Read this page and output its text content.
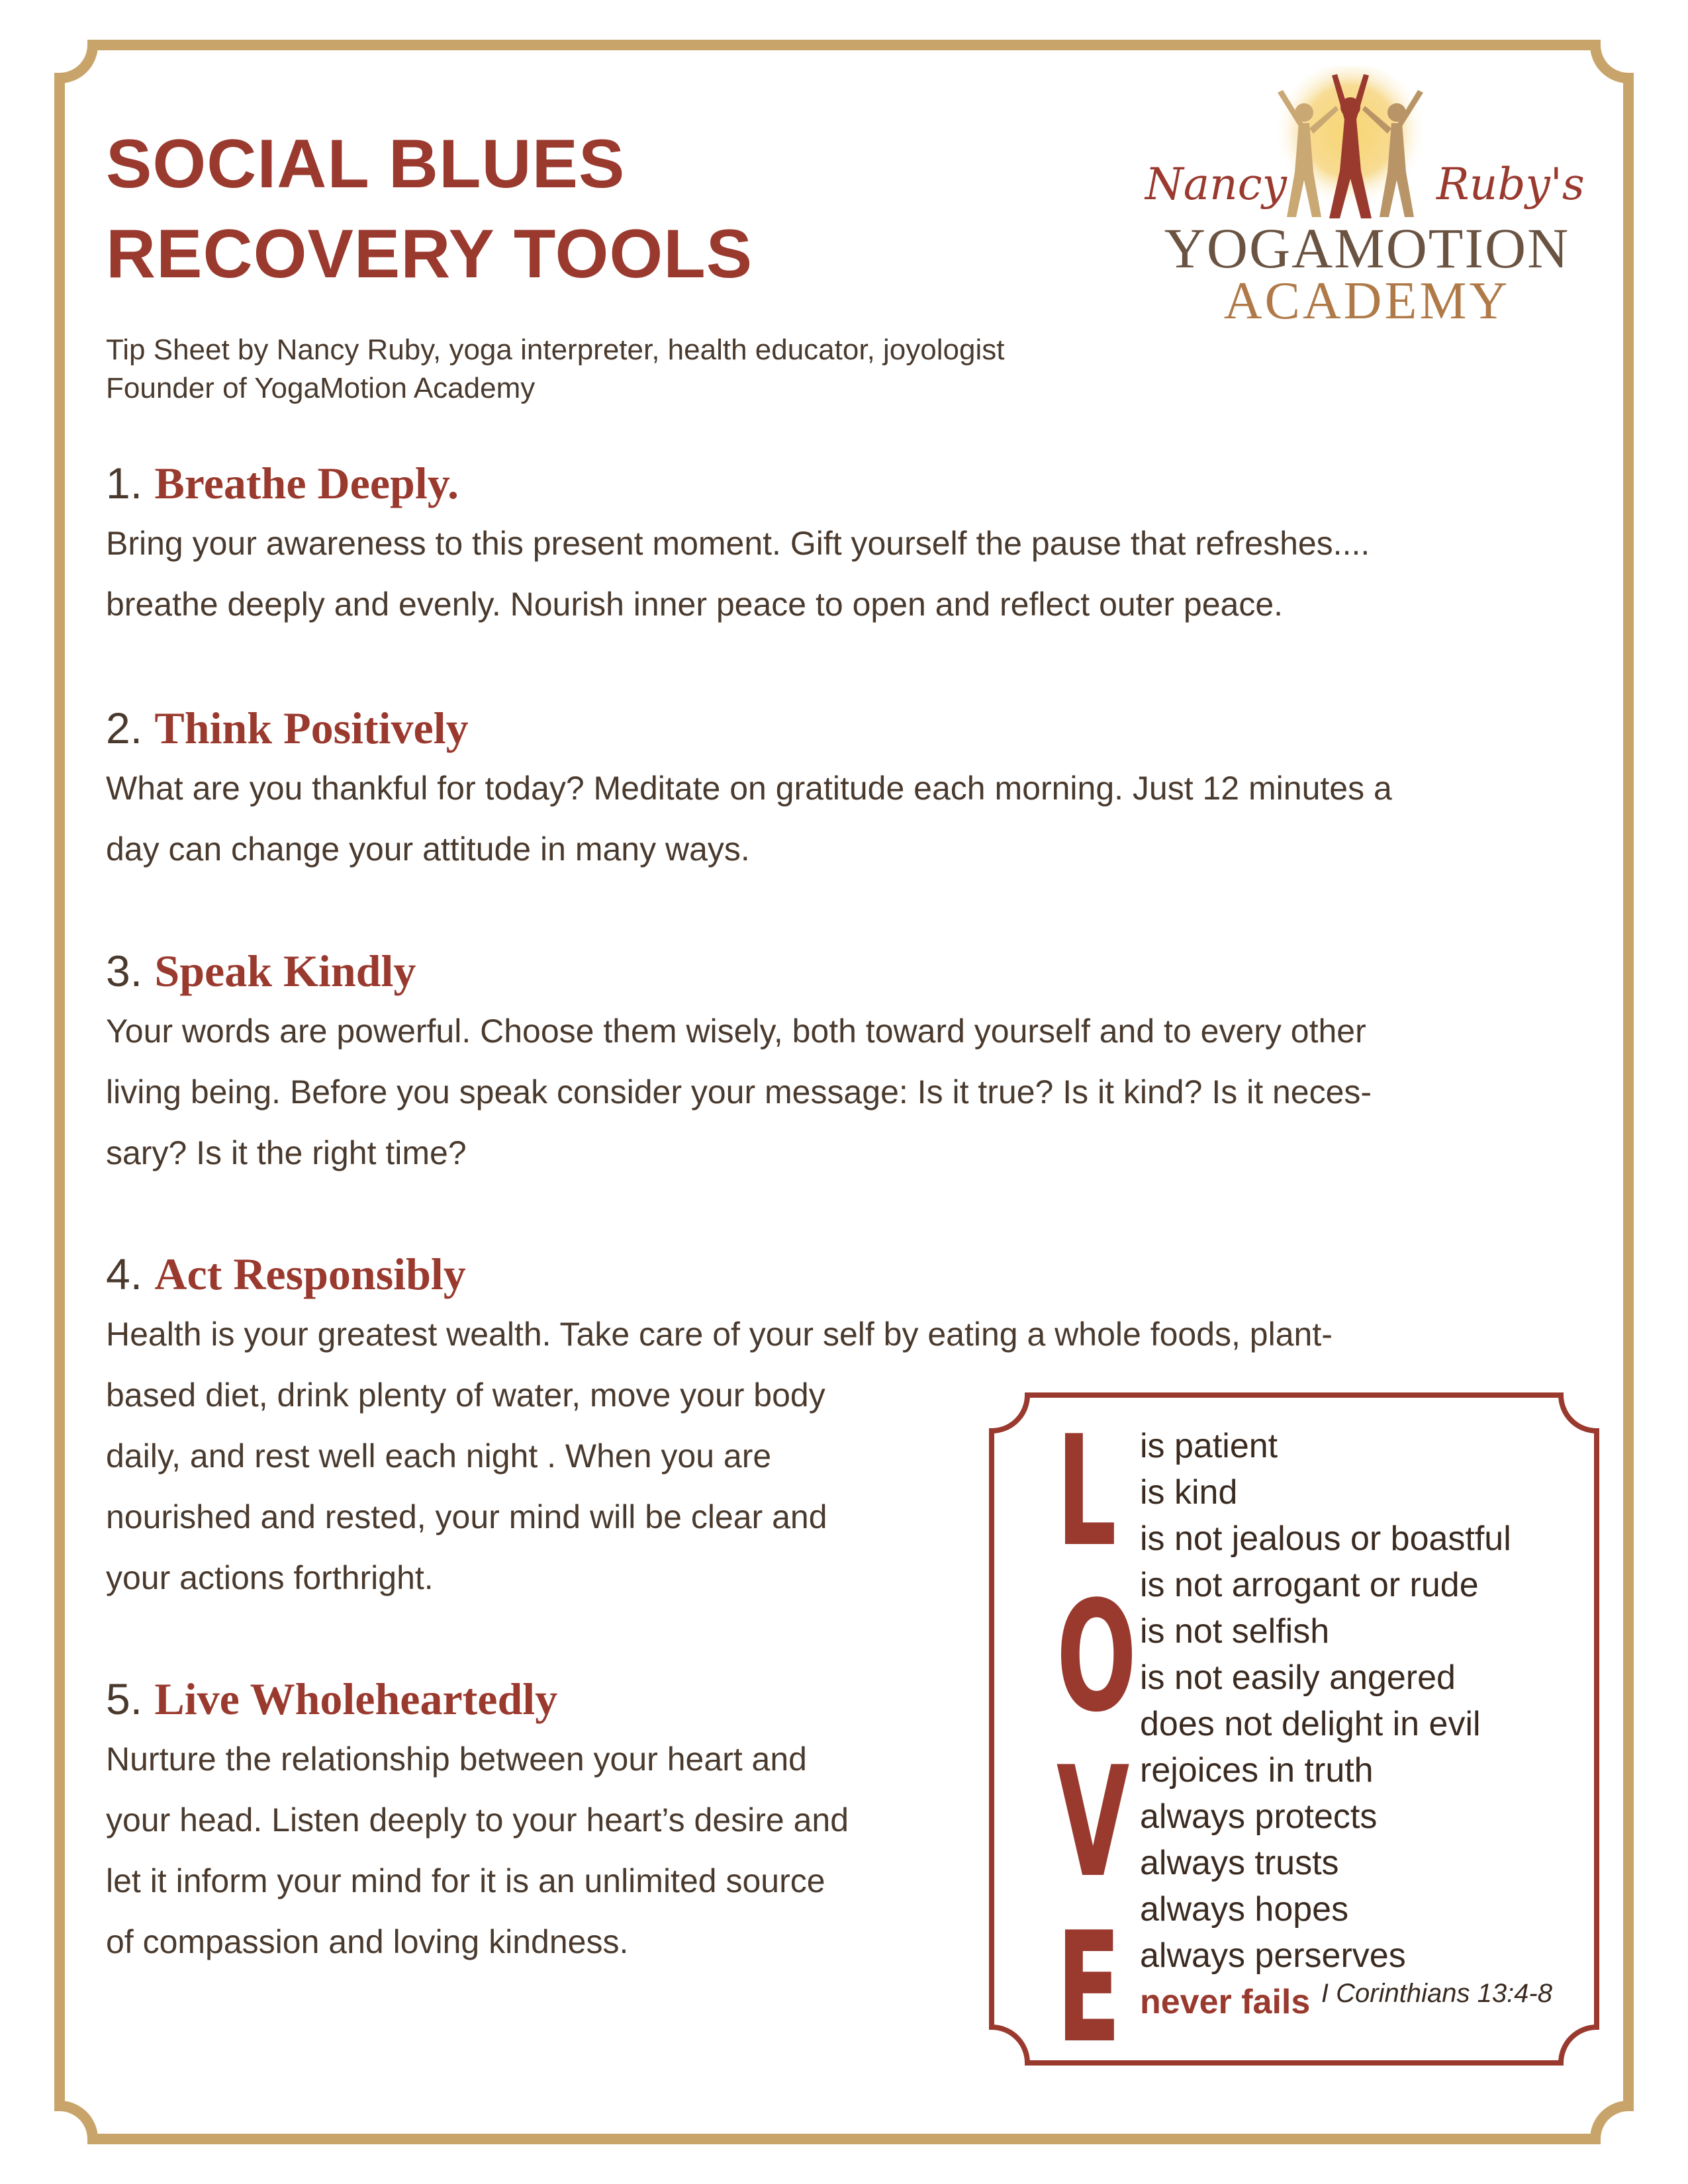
SOCIAL BLUES
RECOVERY TOOLS
Tip Sheet by Nancy Ruby, yoga interpreter, health educator, joyologist
Founder of YogaMotion Academy
Nancy	Ruby's
YOGAMOTION
ACADEMY
1. Breathe Deeply.
Bring your awareness to this present moment. Gift yourself the pause that refreshes....
breathe deeply and evenly. Nourish inner peace to open and reflect outer peace.
2. Think Positively
What are you thankful for today? Meditate on gratitude each morning. Just 12 minutes a
day can change your attitude in many ways.
3. Speak Kindly
Your words are powerful. Choose them wisely, both toward yourself and to every other
living being. Before you speak consider your message: Is it true? Is it kind? Is it neces-
sary? Is it the right time?
4. Act Responsibly
Health is your greatest wealth. Take care of your self by eating a whole foods, plant-
based diet, drink plenty of water, move your body
daily, and rest well each night . When you are
nourished and rested, your mind will be clear and
your actions forthright.
5. Live Wholeheartedly
Nurture the relationship between your heart and
your head. Listen deeply to your heart’s desire and
let it inform your mind for it is an unlimited source
of compassion and loving kindness.
L
O
V
E
is patient
is kind
is not jealous or boastful
is not arrogant or rude
is not selfish
is not easily angered
does not delight in evil
rejoices in truth
always protects
always trusts
always hopes
always perserves
never fails I Corinthians 13:4-8
